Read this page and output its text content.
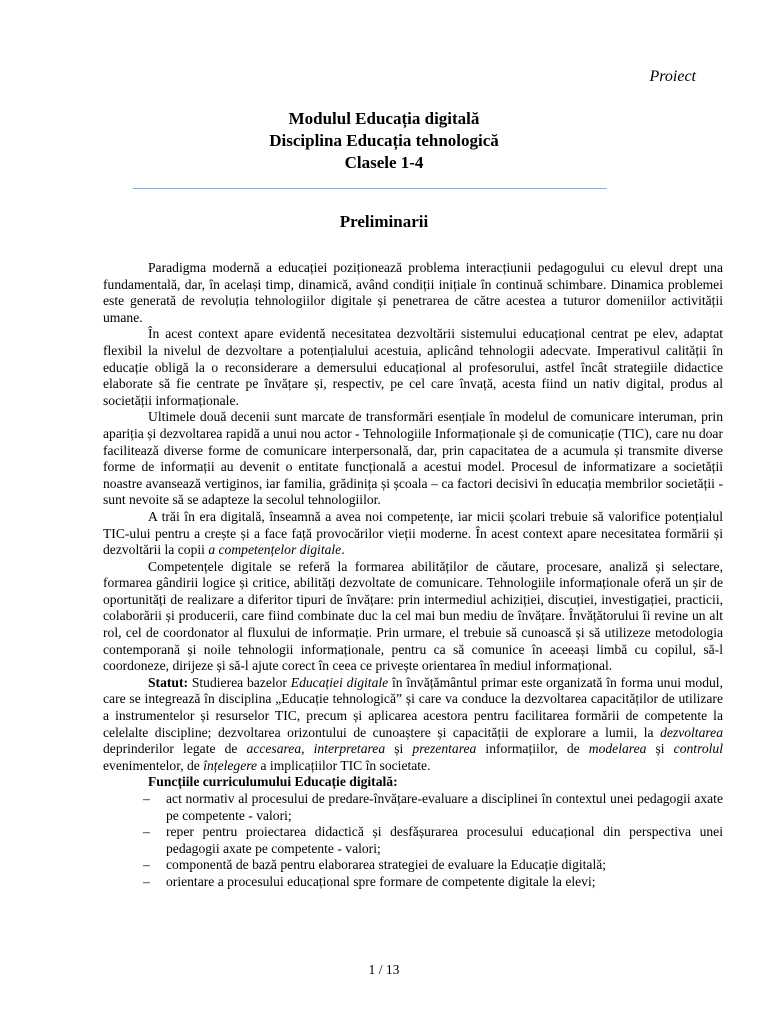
Proiect
Modulul Educația digitală
Disciplina Educația tehnologică
Clasele 1-4
Preliminarii

Paradigma modernă a educației poziționează problema interacțiunii pedagogului cu elevul drept una fundamentală, dar, în același timp, dinamică, având condiții inițiale în continuă schimbare. Dinamica problemei este generată de revoluția tehnologiilor digitale și penetrarea de către acestea a tuturor domeniilor activității umane.

În acest context apare evidentă necesitatea dezvoltării sistemului educațional centrat pe elev, adaptat flexibil la nivelul de dezvoltare a potențialului acestuia, aplicând tehnologii adecvate. Imperativul calității în educație obligă la o reconsiderare a demersului educațional al profesorului, astfel încât strategiile didactice elaborate să fie centrate pe învățare și, respectiv, pe cel care învață, acesta fiind un nativ digital, produs al societății informaționale.

Ultimele două decenii sunt marcate de transformări esențiale în modelul de comunicare interuman, prin apariția și dezvoltarea rapidă a unui nou actor - Tehnologiile Informaționale și de comunicație (TIC), care nu doar facilitează diverse forme de comunicare interpersonală, dar, prin capacitatea de a acumula și transmite diverse forme de informații au devenit o entitate funcțională a acestui model. Procesul de informatizare a societății noastre avansează vertiginos, iar familia, grădinița și școala – ca factori decisivi în educația membrilor societății - sunt nevoite să se adapteze la secolul tehnologiilor.

A trăi în era digitală, înseamnă a avea noi competențe, iar micii școlari trebuie să valorifice potențialul TIC-ului pentru a crește și a face față provocărilor vieții moderne. În acest context apare necesitatea formării și dezvoltării la copii a competențelor digitale.

Competențele digitale se referă la formarea abilităților de căutare, procesare, analiză și selectare, formarea gândirii logice și critice, abilități dezvoltate de comunicare. Tehnologiile informaționale oferă un șir de oportunități de realizare a diferitor tipuri de învățare: prin intermediul achiziției, discuției, investigației, practicii, colaborării și producerii, care fiind combinate duc la cel mai bun mediu de învățare. Învățătorului îi revine un alt rol, cel de coordonator al fluxului de informație. Prin urmare, el trebuie să cunoască și să utilizeze metodologia contemporană și noile tehnologii informaționale, pentru ca să comunice în aceeași limbă cu copilul, să-l coordoneze, dirijeze și să-l ajute corect în ceea ce privește orientarea în mediul informațional.

Statut: Studierea bazelor Educației digitale în învățământul primar este organizată în forma unui modul, care se integrează în disciplina „Educație tehnologică” și care va conduce la dezvoltarea capacităților de utilizare a instrumentelor și resurselor TIC, precum și aplicarea acestora pentru facilitarea formării de competente la celelalte discipline; dezvoltarea orizontului de cunoaștere și capacității de explorare a lumii, la dezvoltarea deprinderilor legate de accesarea, interpretarea și prezentarea informațiilor, de modelarea și controlul evenimentelor, de înțelegere a implicațiilor TIC în societate.

Funcțiile curriculumului Educație digitală:
– act normativ al procesului de predare-învățare-evaluare a disciplinei în contextul unei pedagogii axate pe competente - valori;
– reper pentru proiectarea didactică și desfășurarea procesului educațional din perspectiva unei pedagogii axate pe competente - valori;
– componentă de bază pentru elaborarea strategiei de evaluare la Educație digitală;
– orientare a procesului educațional spre formare de competente digitale la elevi;
1 / 13
